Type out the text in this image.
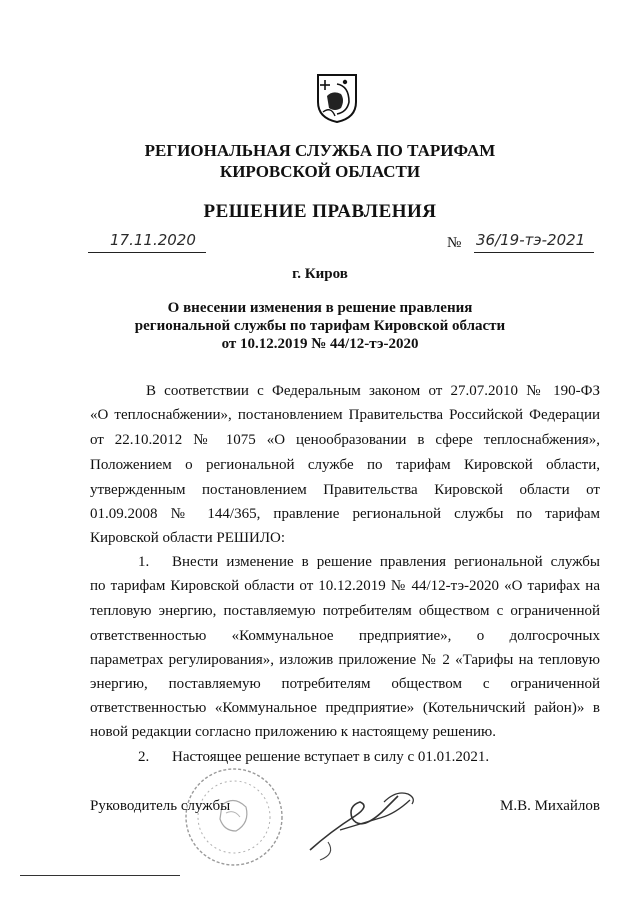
РЕГИОНАЛЬНАЯ СЛУЖБА ПО ТАРИФАМ
КИРОВСКОЙ ОБЛАСТИ
РЕШЕНИЕ ПРАВЛЕНИЯ
17.11.2020	№ 36/19-тэ-2021
г. Киров
О внесении изменения в решение правления
региональной службы по тарифам Кировской области
от 10.12.2019 № 44/12-тэ-2020
В соответствии с Федеральным законом от 27.07.2010 № 190-ФЗ
«О теплоснабжении», постановлением Правительства Российской Федерации
от 22.10.2012 № 1075 «О ценообразовании в сфере теплоснабжения»,
Положением о региональной службе по тарифам Кировской области,
утвержденным постановлением Правительства Кировской области от
01.09.2008 № 144/365, правление региональной службы по тарифам
Кировской области РЕШИЛО:
1. Внести изменение в решение правления региональной службы
по тарифам Кировской области от 10.12.2019 № 44/12-тэ-2020 «О тарифах на
тепловую энергию, поставляемую потребителям обществом с ограниченной
ответственностью «Коммунальное предприятие», о долгосрочных
параметрах регулирования», изложив приложение № 2 «Тарифы на тепловую
энергию, поставляемую потребителям обществом с ограниченной
ответственностью «Коммунальное предприятие» (Котельничский район)» в
новой редакции согласно приложению к настоящему решению.
2. Настоящее решение вступает в силу с 01.01.2021.
Руководитель службы	М.В. Михайлов
